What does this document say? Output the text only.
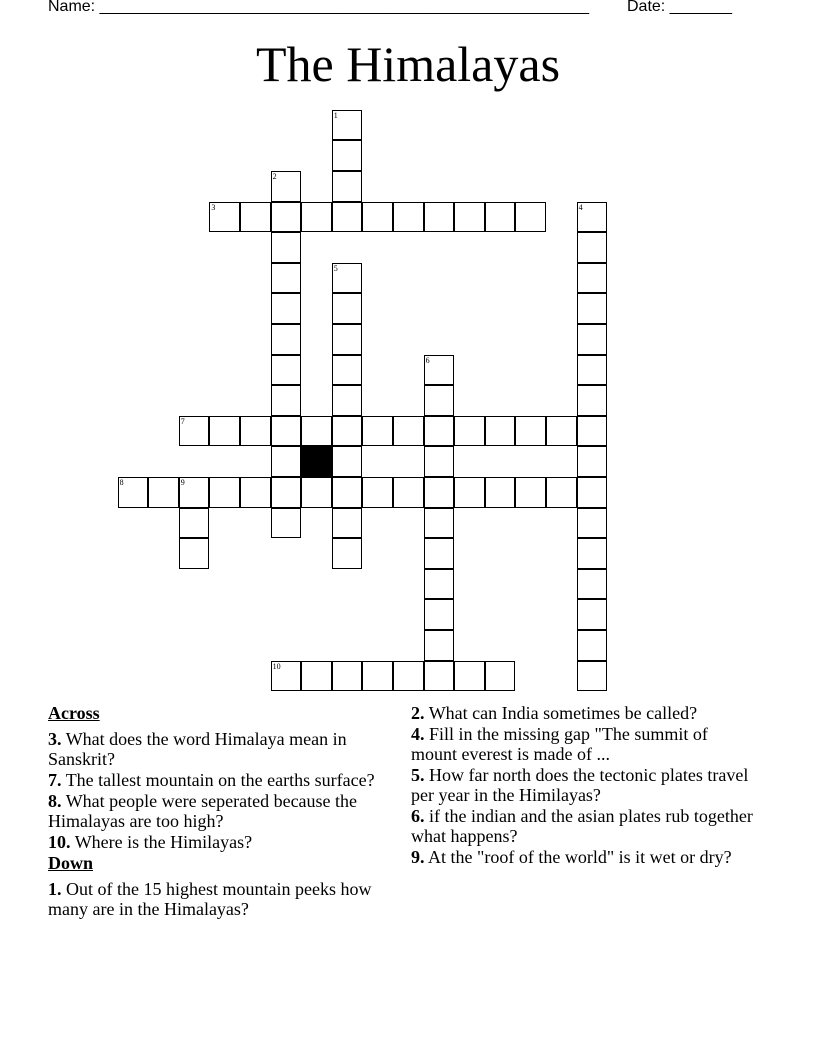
Name: _______________________________________________________ Date: _______
The Himalayas
1
2
3	4
5
6
7
8	9
10
Across
3. What does the word Himalaya mean in Sanskrit?
7. The tallest mountain on the earths surface?
8. What people were seperated because the Himalayas are too high?
10. Where is the Himilayas?
Down
1. Out of the 15 highest mountain peeks how many are in the Himalayas?
2. What can India sometimes be called?
4. Fill in the missing gap "The summit of mount everest is made of ...
5. How far north does the tectonic plates travel per year in the Himilayas?
6. if the indian and the asian plates rub together what happens?
9. At the "roof of the world" is it wet or dry?
